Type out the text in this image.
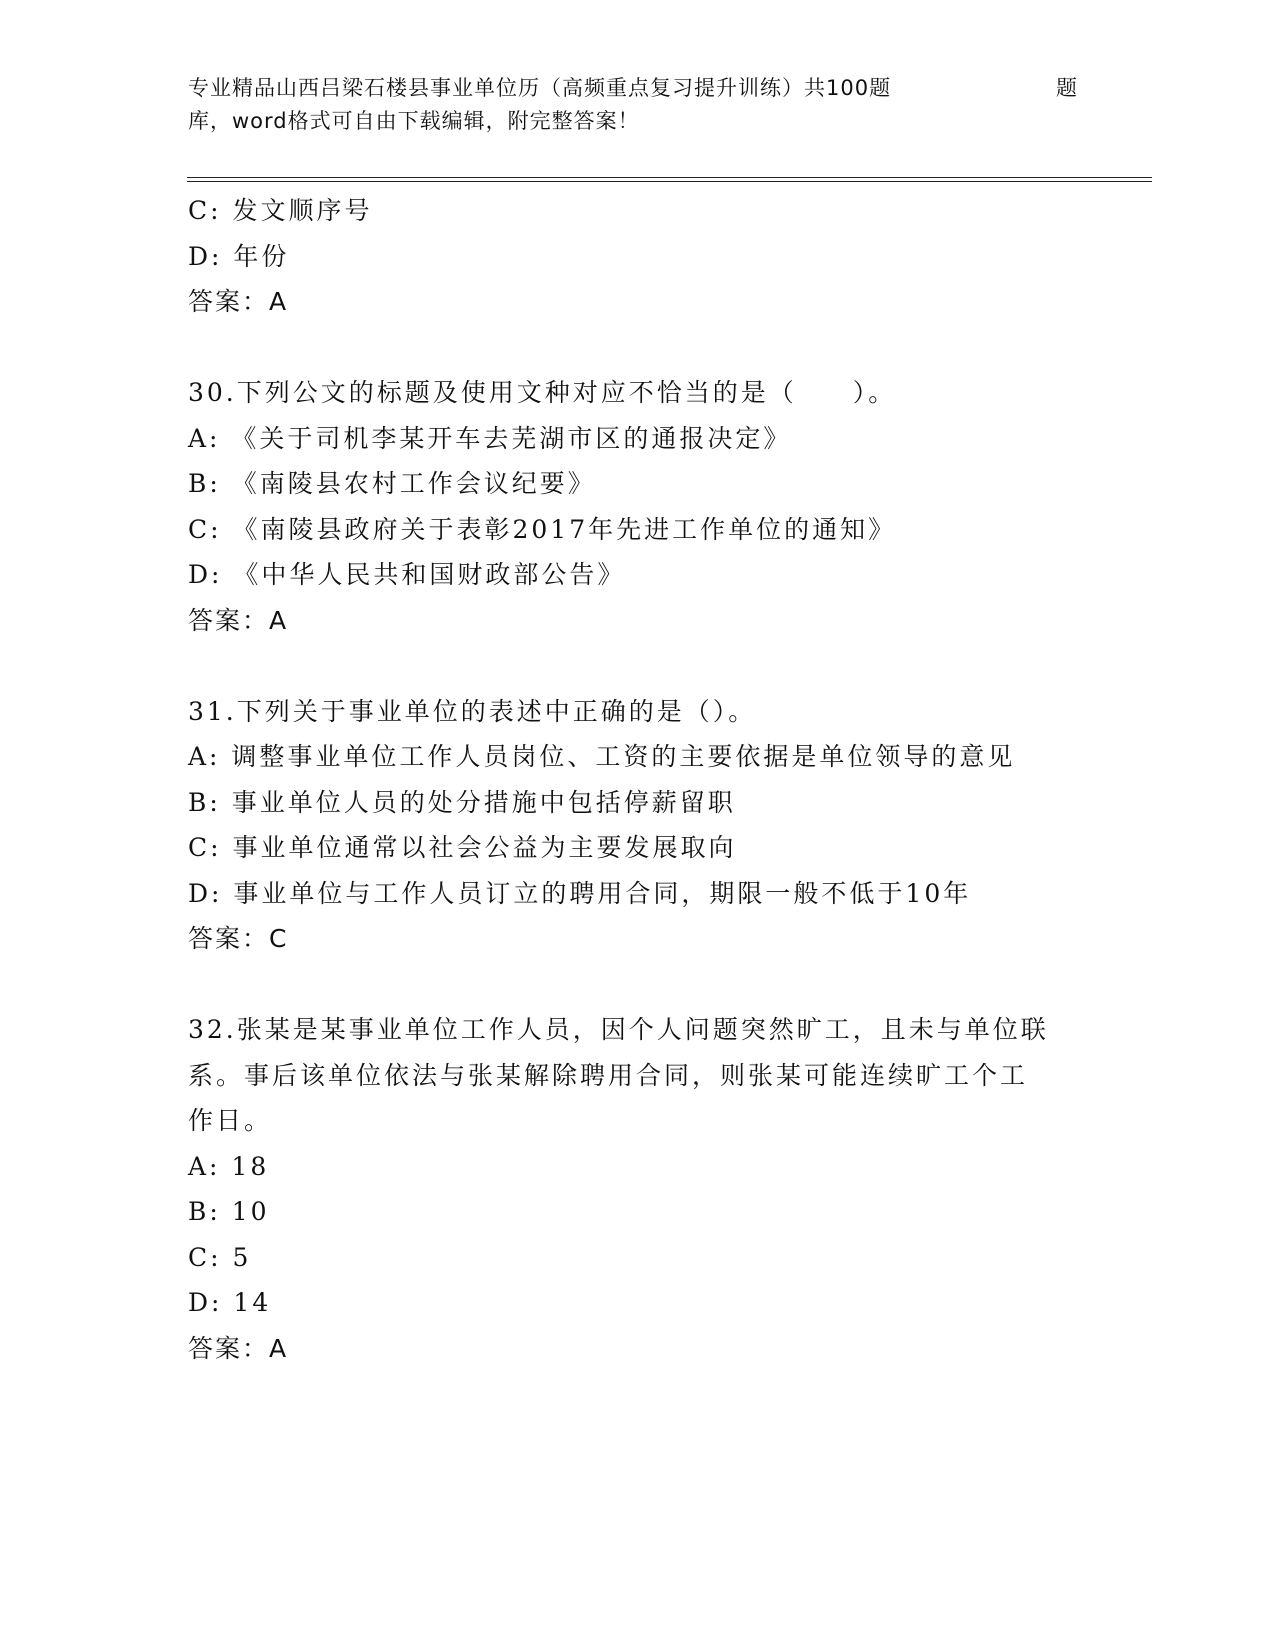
专业精品山西吕梁石楼县事业单位历（高频重点复习提升训练）共100题	题
库，word格式可自由下载编辑，附完整答案！
C: 发文顺序号
D: 年份
答案：A
30.下列公文的标题及使用文种对应不恰当的是（　　）。
A: 《关于司机李某开车去芜湖市区的通报决定》
B: 《南陵县农村工作会议纪要》
C: 《南陵县政府关于表彰2017年先进工作单位的通知》
D: 《中华人民共和国财政部公告》
答案：A
31.下列关于事业单位的表述中正确的是（）。
A: 调整事业单位工作人员岗位、工资的主要依据是单位领导的意见
B: 事业单位人员的处分措施中包括停薪留职
C: 事业单位通常以社会公益为主要发展取向
D: 事业单位与工作人员订立的聘用合同，期限一般不低于10年
答案：C
32.张某是某事业单位工作人员，因个人问题突然旷工，且未与单位联
系。事后该单位依法与张某解除聘用合同，则张某可能连续旷工个工
作日。
A: 18
B: 10
C: 5
D: 14
答案：A
